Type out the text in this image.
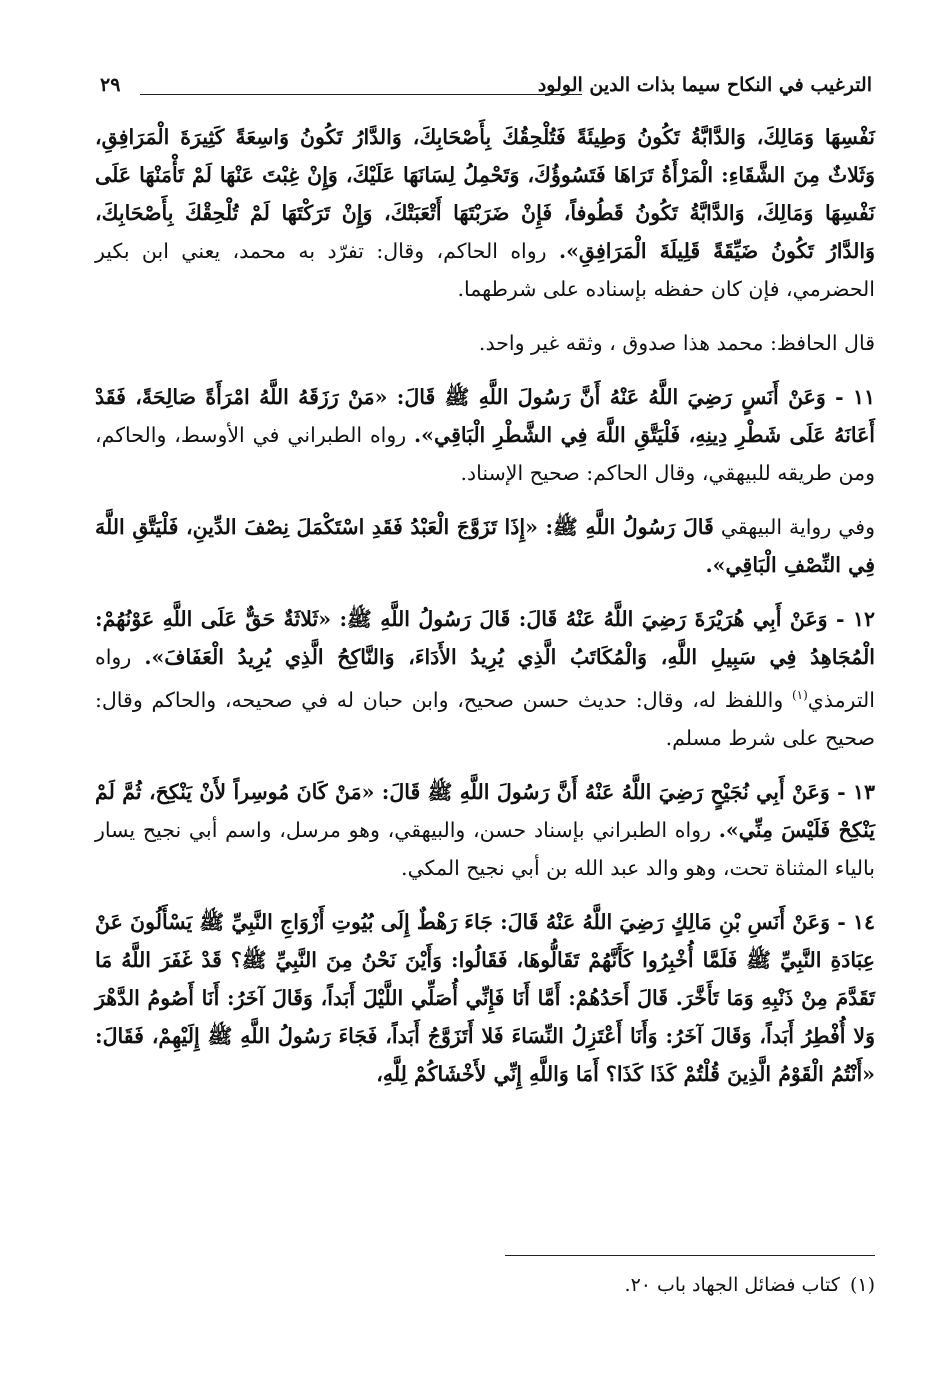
الترغيب في النكاح سيما بذات الدين الولود
٢٩

نَفْسِهَا وَمَالِكَ، وَالدَّابَّةُ تَكُونُ وَطِيئَةً فَتُلْحِقُكَ بِأَصْحَابِكَ، وَالدَّارُ تَكُونُ وَاسِعَةً كَثِيرَةَ الْمَرَافِقِ، وَثَلاثٌ مِنَ الشَّقَاءِ: الْمَرْأَةُ تَرَاهَا فَتَسُوؤُكَ، وَتَحْمِلُ لِسَانَهَا عَلَيْكَ، وَإِنْ غِبْتَ عَنْهَا لَمْ تَأْمَنْهَا عَلَى نَفْسِهَا وَمَالِكَ، وَالدَّابَّةُ تَكُونُ قَطُوفاً، فَإِنْ ضَرَبْتَهَا أَتْعَبَتْكَ، وَإِنْ تَرَكْتَهَا لَمْ تُلْحِقْكَ بِأَصْحَابِكَ، وَالدَّارُ تَكُونُ ضَيِّقَةً قَلِيلَةَ الْمَرَافِقِ». رواه الحاكم، وقال: تفرّد به محمد، يعني ابن بكير الحضرمي، فإن كان حفظه بإسناده على شرطهما.

قال الحافظ: محمد هذا صدوق ، وثقه غير واحد.

١١ - وَعَنْ أَنَسٍ رَضِيَ اللَّهُ عَنْهُ أَنَّ رَسُولَ اللَّهِ ﷺ قَالَ: «مَنْ رَزَقَهُ اللَّهُ امْرَأَةً صَالِحَةً، فَقَدْ أَعَانَهُ عَلَى شَطْرِ دِينِهِ، فَلْيَتَّقِ اللَّهَ فِي الشَّطْرِ الْبَاقِي». رواه الطبراني في الأوسط، والحاكم، ومن طريقه للبيهقي، وقال الحاكم: صحيح الإسناد.

وفي رواية البيهقي قَالَ رَسُولُ اللَّهِ ﷺ: «إِذَا تَزَوَّجَ الْعَبْدُ فَقَدِ اسْتَكْمَلَ نِصْفَ الدِّينِ، فَلْيَتَّقِ اللَّهَ فِي النِّصْفِ الْبَاقِي».

١٢ - وَعَنْ أَبِي هُرَيْرَةَ رَضِيَ اللَّهُ عَنْهُ قَالَ: قَالَ رَسُولُ اللَّهِ ﷺ: «ثَلاثَةٌ حَقٌّ عَلَى اللَّهِ عَوْنُهُمْ: الْمُجَاهِدُ فِي سَبِيلِ اللَّهِ، وَالْمُكَاتَبُ الَّذِي يُرِيدُ الأَدَاءَ، وَالنَّاكِحُ الَّذِي يُرِيدُ الْعَفَافَ». رواه الترمذي$^{(١)}$ واللفظ له، وقال: حديث حسن صحيح، وابن حبان له في صحيحه، والحاكم وقال: صحيح على شرط مسلم.

١٣ - وَعَنْ أَبِي نُجَيْحٍ رَضِيَ اللَّهُ عَنْهُ أَنَّ رَسُولَ اللَّهِ ﷺ قَالَ: «مَنْ كَانَ مُوسِراً لأَنْ يَنْكِحَ، ثُمَّ لَمْ يَنْكِحْ فَلَيْسَ مِنِّي». رواه الطبراني بإسناد حسن، والبيهقي، وهو مرسل، واسم أبي نجيح يسار بالياء المثناة تحت، وهو والد عبد الله بن أبي نجيح المكي.

١٤ - وَعَنْ أَنَسِ بْنِ مَالِكٍ رَضِيَ اللَّهُ عَنْهُ قَالَ: جَاءَ رَهْطٌ إِلَى بُيُوتِ أَزْوَاجِ النَّبِيِّ ﷺ يَسْأَلُونَ عَنْ عِبَادَةِ النَّبِيِّ ﷺ فَلَمَّا أُخْبِرُوا كَأَنَّهُمْ تَقَالُّوهَا، فَقَالُوا: وَأَيْنَ نَحْنُ مِنَ النَّبِيِّ ﷺ؟ قَدْ غَفَرَ اللَّهُ مَا تَقَدَّمَ مِنْ ذَنْبِهِ وَمَا تَأَخَّرَ. قَالَ أَحَدُهُمْ: أَمَّا أَنَا فَإِنِّي أُصَلِّي اللَّيْلَ أَبَداً، وَقَالَ آخَرُ: أَنَا أَصُومُ الدَّهْرَ وَلا أُفْطِرُ أَبَداً، وَقَالَ آخَرُ: وَأَنَا أَعْتَزِلُ النِّسَاءَ فَلا أَتَزَوَّجُ أَبَداً، فَجَاءَ رَسُولُ اللَّهِ ﷺ إِلَيْهِمْ، فَقَالَ: «أَنْتُمُ الْقَوْمُ الَّذِينَ قُلْتُمْ كَذَا كَذَا؟ أَمَا وَاللَّهِ إِنِّي لأَخْشَاكُمْ لِلَّهِ،

(١)كتاب فضائل الجهاد باب ٢٠.
